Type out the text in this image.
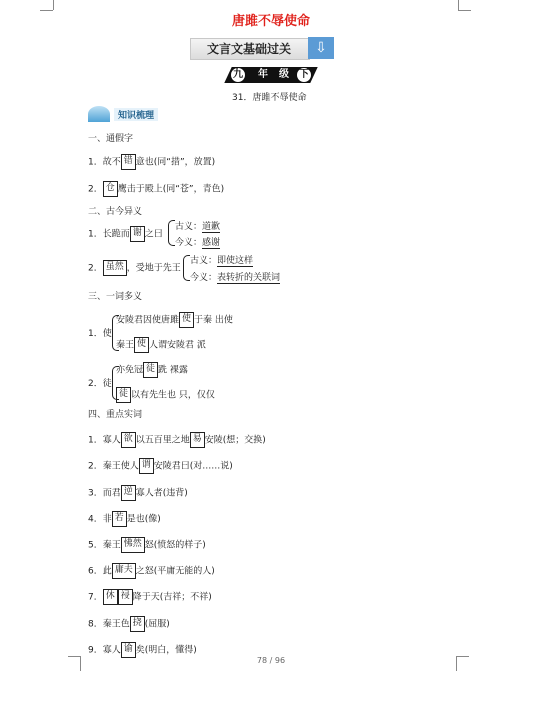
唐雎不辱使命
文言文基础过关	⇩
九	年	级	下
31．唐雎不辱使命
知识梳理
一、通假字
1．故不 错 意也(同“措”，放置)
2． 仓 鹰击于殿上(同“苍”，青色)
二、古今异义
1．长跪而 谢 之曰
古义：道歉
今义：感谢
2． 虽然 ，受地于先王
古义：即使这样
今义：表转折的关联词
三、一词多义
1．使
安陵君因使唐雎 使 于秦 出使
秦王 使 人谓安陵君 派
2．徒
亦免冠 徒 跣 裸露
徒 以有先生也 只，仅仅
四、重点实词
1．寡人 欲 以五百里之地 易 安陵(想；交换)
2．秦王使人 谓 安陵君曰(对……说)
3．而君 逆 寡人者(违背)
4．非 若 是也(像)
5．秦王 怫然 怒(愤怒的样子)
6．此 庸夫 之怒(平庸无能的人)
7． 休 祲 降于天(吉祥；不祥)
8．秦王色 挠 (屈服)
9．寡人 谕 矣(明白，懂得)
78 / 96
